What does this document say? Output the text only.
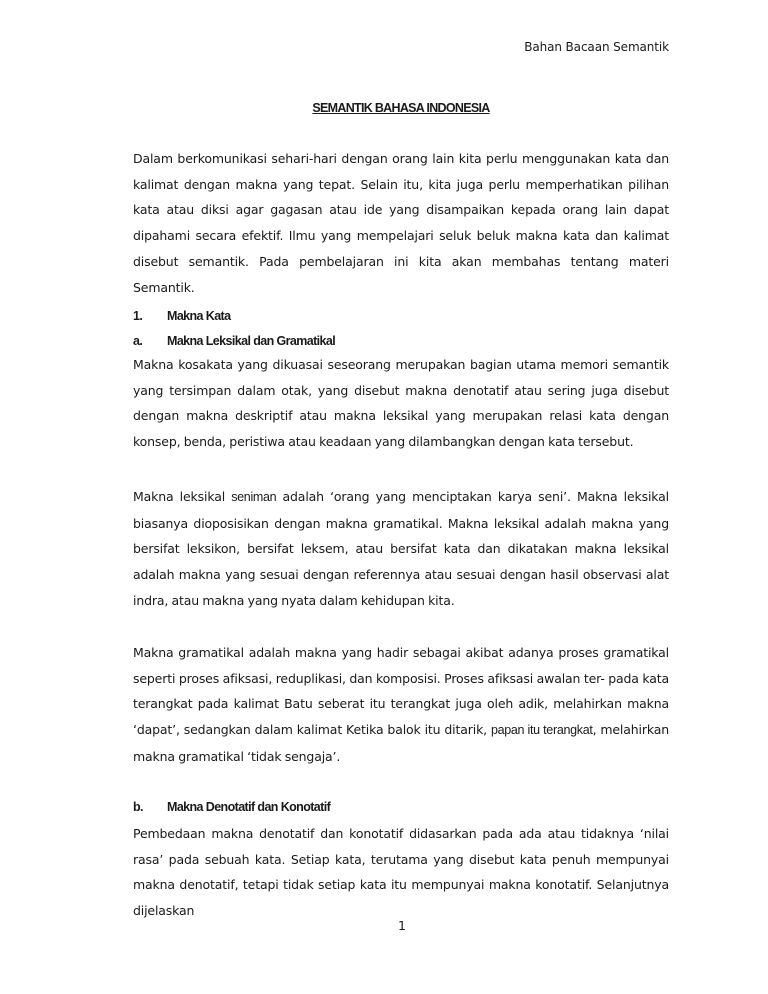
Bahan Bacaan Semantik
SEMANTIK BAHASA INDONESIA
Dalam berkomunikasi sehari-hari dengan orang lain kita perlu menggunakan kata dan kalimat dengan makna yang tepat. Selain itu, kita juga perlu memperhatikan pilihan kata atau diksi agar gagasan atau ide yang disampaikan kepada orang lain dapat dipahami secara efektif. Ilmu yang mempelajari seluk beluk makna kata dan kalimat disebut semantik. Pada pembelajaran ini kita akan membahas tentang materi Semantik.
1.	Makna Kata
a.	Makna Leksikal dan Gramatikal
Makna kosakata yang dikuasai seseorang merupakan bagian utama memori semantik yang tersimpan dalam otak, yang disebut makna denotatif atau sering juga disebut dengan makna deskriptif atau makna leksikal yang merupakan relasi kata dengan konsep, benda, peristiwa atau keadaan yang dilambangkan dengan kata tersebut.
Makna leksikal seniman adalah ‘orang yang menciptakan karya seni’. Makna leksikal biasanya dioposisikan dengan makna gramatikal. Makna leksikal adalah makna yang bersifat leksikon, bersifat leksem, atau bersifat kata dan dikatakan makna leksikal adalah makna yang sesuai dengan referennya atau sesuai dengan hasil observasi alat indra, atau makna yang nyata dalam kehidupan kita.
Makna gramatikal adalah makna yang hadir sebagai akibat adanya proses gramatikal seperti proses afiksasi, reduplikasi, dan komposisi. Proses afiksasi awalan ter- pada kata terangkat pada kalimat Batu seberat itu terangkat juga oleh adik, melahirkan makna ‘dapat’, sedangkan dalam kalimat Ketika balok itu ditarik, papan itu terangkat, melahirkan makna gramatikal ‘tidak sengaja’.
b.	Makna Denotatif dan Konotatif
Pembedaan makna denotatif dan konotatif didasarkan pada ada atau tidaknya ‘nilai rasa’ pada sebuah kata. Setiap kata, terutama yang disebut kata penuh mempunyai makna denotatif, tetapi tidak setiap kata itu mempunyai makna konotatif. Selanjutnya dijelaskan
1
